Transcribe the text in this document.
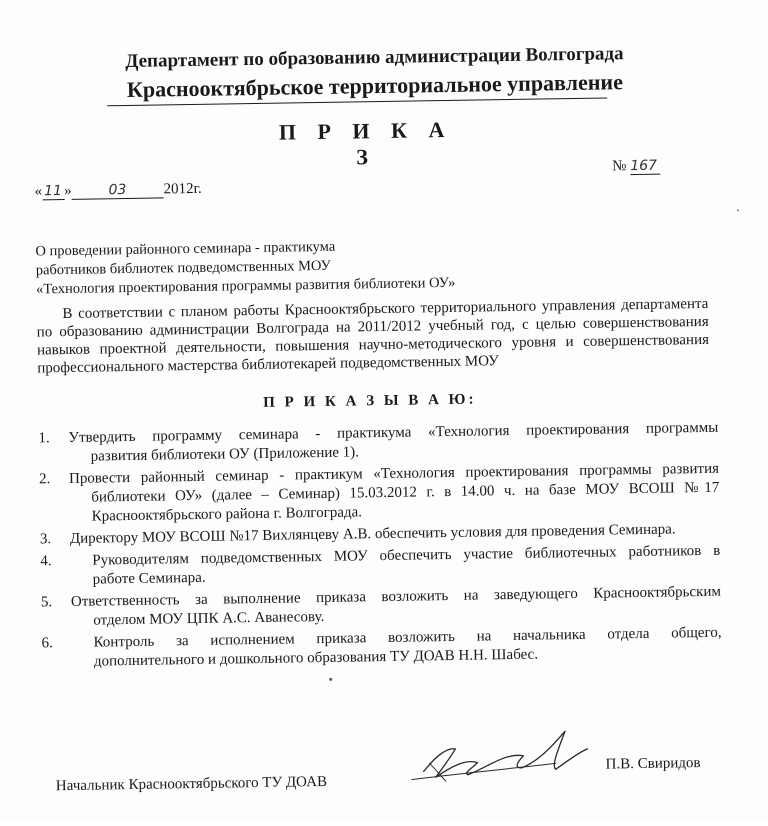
Департамент по образованию администрации Волгограда
Краснооктябрьское территориальное управление
П Р И К А З
« 11 »	03 2012г.
№ 167
О проведении районного семинара - практикума
работников библиотек подведомственных МОУ
«Технология проектирования программы развития библиотеки ОУ»
В соответствии с планом работы Краснооктябрьского территориального управления департамента по образованию администрации Волгограда на 2011/2012 учебный год, с целью совершенствования навыков проектной деятельности, повышения научно-методического уровня и совершенствования профессионального мастерства библиотекарей подведомственных МОУ
П Р И К А З Ы В А Ю:
1. Утвердить программу семинара - практикума «Технология проектирования программы
развития библиотеки ОУ (Приложение 1).
2. Провести районный семинар - практикум «Технология проектирования программы развития
библиотеки ОУ» (далее – Семинар) 15.03.2012 г. в 14.00 ч. на базе МОУ ВСОШ №17
Краснооктябрьского района г. Волгограда.
3. Директору МОУ ВСОШ №17 Вихлянцеву А.В. обеспечить условия для проведения Семинара.
4.	Руководителям подведомственных МОУ обеспечить участие библиотечных работников в
работе Семинара.
5. Ответственность за выполнение приказа возложить на заведующего Краснооктябрьским
отделом МОУ ЦПК А.С. Аванесову.
6.	Контроль за исполнением приказа возложить на начальника отдела общего,
дополнительного и дошкольного образования ТУ ДОАВ Н.Н. Шабес.
Начальник Краснооктябрьского ТУ ДОАВ
П.В. Свиридов
